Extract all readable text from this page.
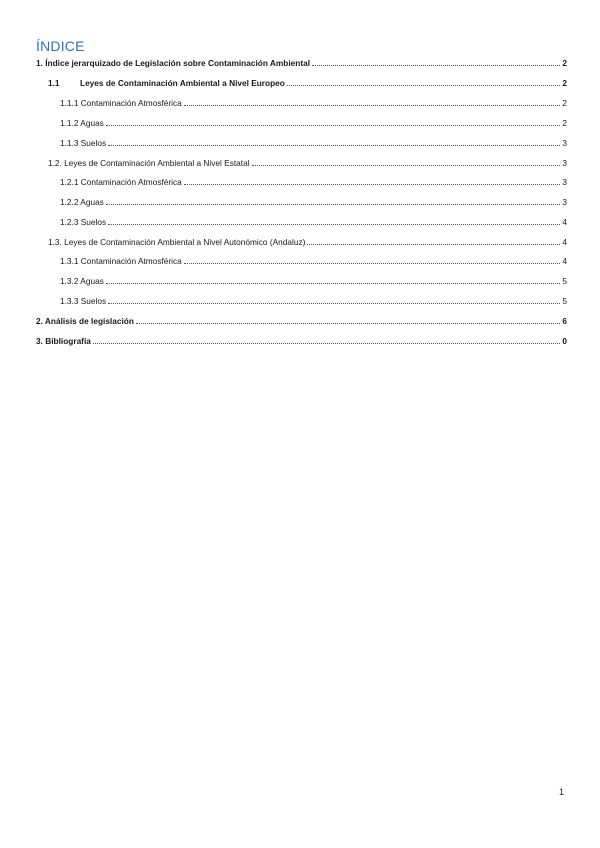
ÍNDICE
1. Índice jerarquizado de Legislación sobre Contaminación Ambiental	2
1.1	Leyes de Contaminación Ambiental a Nivel Europeo	2
1.1.1 Contaminación Atmosférica	2
1.1.2 Aguas	2
1.1.3 Suelos	3
1.2. Leyes de Contaminación Ambiental a Nivel Estatal	3
1.2.1 Contaminación Atmosférica	3
1.2.2 Aguas	3
1.2.3 Suelos	4
1.3. Leyes de Contaminación Ambiental a Nivel Autonómico (Andaluz)	4
1.3.1 Contaminación Atmosférica	4
1.3.2 Aguas	5
1.3.3 Suelos	5
2. Análisis de legislación	6
3. Bibliografía	0
1
